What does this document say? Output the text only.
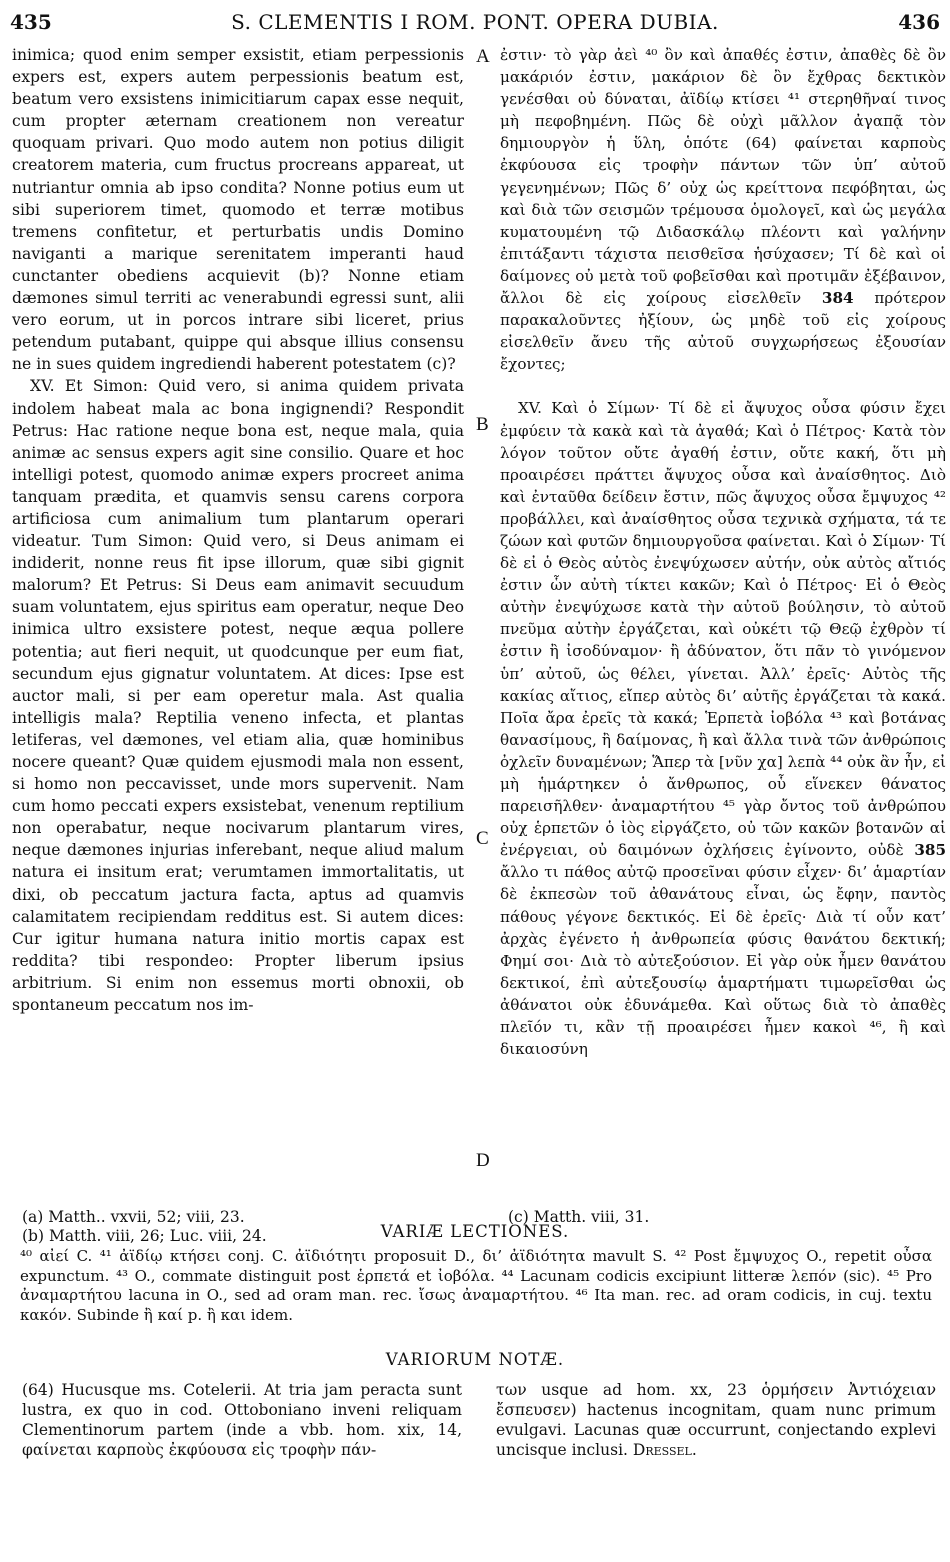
435	S. CLEMENTIS I ROM. PONT. OPERA DUBIA.	436

inimica; quod enim semper exsistit, etiam perpessionis expers est, expers autem perpessionis beatum est, beatum vero exsistens inimicitiarum capax esse nequit, cum propter æternam creationem non vereatur quoquam privari. Quo modo autem non potius diligit creatorem materia, cum fructus procreans appareat, ut nutriantur omnia ab ipso condita? Nonne potius eum ut sibi superiorem timet, quomodo et terræ motibus tremens confitetur, et perturbatis undis Domino naviganti a marique serenitatem imperanti haud cunctanter obediens acquievit (b)? Nonne etiam dæmones simul territi ac venerabundi egressi sunt, alii vero eorum, ut in porcos intrare sibi liceret, prius petendum putabant, quippe qui absque illius consensu ne in sues quidem ingrediendi haberent potestatem (c)?

XV. Et Simon: Quid vero, si anima quidem privata indolem habeat mala ac bona ingignendi? Respondit Petrus: Hac ratione neque bona est, neque mala, quia animæ ac sensus expers agit sine consilio. Quare et hoc intelligi potest, quomodo animæ expers procreet anima tanquam prædita, et quamvis sensu carens corpora artificiosa cum animalium tum plantarum operari videatur. Tum Simon: Quid vero, si Deus animam ei indiderit, nonne reus fit ipse illorum, quæ sibi gignit malorum? Et Petrus: Si Deus eam animavit secuudum suam voluntatem, ejus spiritus eam operatur, neque Deo inimica ultro exsistere potest, neque æqua pollere potentia; aut fieri nequit, ut quodcunque per eum fiat, secundum ejus gignatur voluntatem. At dices: Ipse est auctor mali, si per eam operetur mala. Ast qualia intelligis mala? Reptilia veneno infecta, et plantas letiferas, vel dæmones, vel etiam alia, quæ hominibus nocere queant? Quæ quidem ejusmodi mala non essent, si homo non peccavisset, unde mors supervenit. Nam cum homo peccati expers exsistebat, venenum reptilium non operabatur, neque nocivarum plantarum vires, neque dæmones injurias inferebant, neque aliud malum natura ei insitum erat; verumtamen immortalitatis, ut dixi, ob peccatum jactura facta, aptus ad quamvis calamitatem recipiendam redditus est. Si autem dices: Cur igitur humana natura initio mortis capax est reddita? tibi respondeo: Propter liberum ipsius arbitrium. Si enim non essemus morti obnoxii, ob spontaneum peccatum nos im-

A
B
C
D

ἐστιν· τὸ γὰρ ἀεὶ ⁴⁰ ὂν καὶ ἀπαθές ἐστιν, ἀπαθὲς δὲ ὂν μακάριόν ἐστιν, μακάριον δὲ ὂν ἔχθρας δεκτικὸν γενέσθαι οὐ δύναται, ἀϊδίῳ κτίσει ⁴¹ στερηθῆναί τινος μὴ πεφοβημένη. Πῶς δὲ οὐχὶ μᾶλλον ἀγαπᾷ τὸν δημιουργὸν ἡ ὕλη, ὁπότε (64) φαίνεται καρποὺς ἐκφύουσα εἰς τροφὴν πάντων τῶν ὑπ’ αὐτοῦ γεγενημένων; Πῶς δ’ οὐχ ὡς κρείττονα πεφόβηται, ὡς καὶ διὰ τῶν σεισμῶν τρέμουσα ὁμολογεῖ, καὶ ὡς μεγάλα κυματουμένη τῷ Διδασκάλῳ πλέοντι καὶ γαλήνην ἐπιτάξαντι τάχιστα πεισθεῖσα ἡσύχασεν; Τί δὲ καὶ οἱ δαίμονες οὐ μετὰ τοῦ φοβεῖσθαι καὶ προτιμᾶν ἐξέβαινον, ἄλλοι δὲ εἰς χοίρους εἰσελθεῖν 384 πρότερον παρακαλοῦντες ἠξίουν, ὡς μηδὲ τοῦ εἰς χοίρους εἰσελθεῖν ἄνευ τῆς αὐτοῦ συγχωρήσεως ἐξουσίαν ἔχοντες;

XV. Καὶ ὁ Σίμων· Τί δὲ εἰ ἄψυχος οὖσα φύσιν ἔχει ἐμφύειν τὰ κακὰ καὶ τὰ ἀγαθά; Καὶ ὁ Πέτρος· Κατὰ τὸν λόγον τοῦτον οὔτε ἀγαθή ἐστιν, οὔτε κακή, ὅτι μὴ προαιρέσει πράττει ἄψυχος οὖσα καὶ ἀναίσθητος. Διὸ καὶ ἐνταῦθα δείδειν ἔστιν, πῶς ἄψυχος οὖσα ἔμψυχος ⁴² προβάλλει, καὶ ἀναίσθητος οὖσα τεχνικὰ σχήματα, τά τε ζώων καὶ φυτῶν δημιουργοῦσα φαίνεται. Καὶ ὁ Σίμων· Τί δὲ εἰ ὁ Θεὸς αὐτὸς ἐνεψύχωσεν αὐτήν, οὐκ αὐτὸς αἴτιός ἐστιν ὧν αὐτὴ τίκτει κακῶν; Καὶ ὁ Πέτρος· Εἰ ὁ Θεὸς αὐτὴν ἐνεψύχωσε κατὰ τὴν αὐτοῦ βούλησιν, τὸ αὐτοῦ πνεῦμα αὐτὴν ἐργάζεται, καὶ οὐκέτι τῷ Θεῷ ἐχθρὸν τί ἐστιν ἢ ἰσοδύναμον· ἢ ἀδύνατον, ὅτι πᾶν τὸ γινόμενον ὑπ’ αὐτοῦ, ὡς θέλει, γίνεται. Ἀλλ’ ἐρεῖς· Αὐτὸς τῆς κακίας αἴτιος, εἴπερ αὐτὸς δι’ αὐτῆς ἐργάζεται τὰ κακά. Ποῖα ἄρα ἐρεῖς τὰ κακά; Ἑρπετὰ ἰοβόλα ⁴³ καὶ βοτάνας θανασίμους, ἢ δαίμονας, ἢ καὶ ἄλλα τινὰ τῶν ἀνθρώποις ὀχλεῖν δυναμένων; Ἅπερ τὰ [νῦν χα] λεπὰ ⁴⁴ οὐκ ἂν ἦν, εἰ μὴ ἡμάρτηκεν ὁ ἄνθρωπος, οὗ εἵνεκεν θάνατος παρεισῆλθεν· ἀναμαρτήτου ⁴⁵ γὰρ ὄντος τοῦ ἀνθρώπου οὐχ ἑρπετῶν ὁ ἰὸς εἰργάζετο, οὐ τῶν κακῶν βοτανῶν αἱ ἐνέργειαι, οὐ δαιμόνων ὀχλήσεις ἐγίνοντο, οὐδὲ 385 ἄλλο τι πάθος αὐτῷ προσεῖναι φύσιν εἶχεν· δι’ ἁμαρτίαν δὲ ἐκπεσὼν τοῦ ἀθανάτους εἶναι, ὡς ἔφην, παντὸς πάθους γέγονε δεκτικός. Εἰ δὲ ἐρεῖς· Διὰ τί οὖν κατ’ ἀρχὰς ἐγένετο ἡ ἀνθρωπεία φύσις θανάτου δεκτική; Φημί σοι· Διὰ τὸ αὐτεξούσιον. Εἰ γὰρ οὐκ ἦμεν θανάτου δεκτικοί, ἐπὶ αὐτεξουσίῳ ἁμαρτήματι τιμωρεῖσθαι ὡς ἀθάνατοι οὐκ ἐδυνάμεθα. Καὶ οὕτως διὰ τὸ ἀπαθὲς πλεῖόν τι, κἂν τῇ προαιρέσει ἦμεν κακοὶ ⁴⁶, ἢ καὶ δικαιοσύνη

(a) Matth.. vxvii, 52; viii, 23.
(b) Matth. viii, 26; Luc. viii, 24.
(c) Matth. viii, 31.
VARIÆ LECTIONES.
⁴⁰ αἰεί C. ⁴¹ ἀϊδίῳ κτήσει conj. C. ἀϊδιότητι proposuit D., δι’ ἀϊδιότητα mavult S. ⁴² Post ἔμψυχος O., repetit οὖσα expunctum. ⁴³ O., commate distinguit post ἑρπετά et ἰοβόλα. ⁴⁴ Lacunam codicis excipiunt litteræ λεπόν (sic). ⁴⁵ Pro ἀναμαρτήτου lacuna in O., sed ad oram man. rec. ἴσως ἀναμαρτήτου. ⁴⁶ Ita man. rec. ad oram codicis, in cuj. textu κακόν. Subinde ἢ καί p. ἢ και idem.
VARIORUM NOTÆ.
(64) Hucusque ms. Cotelerii. At tria jam peracta sunt lustra, ex quo in cod. Ottoboniano inveni reliquam Clementinorum partem (inde a vbb. hom. xix, 14, φαίνεται καρποὺς ἐκφύουσα εἰς τροφὴν πάν-
των usque ad hom. xx, 23 ὁρμήσειν Ἀντιόχειαν ἔσπευσεν) hactenus incognitam, quam nunc primum evulgavi. Lacunas quæ occurrunt, conjectando explevi uncisque inclusi. Dressel.
